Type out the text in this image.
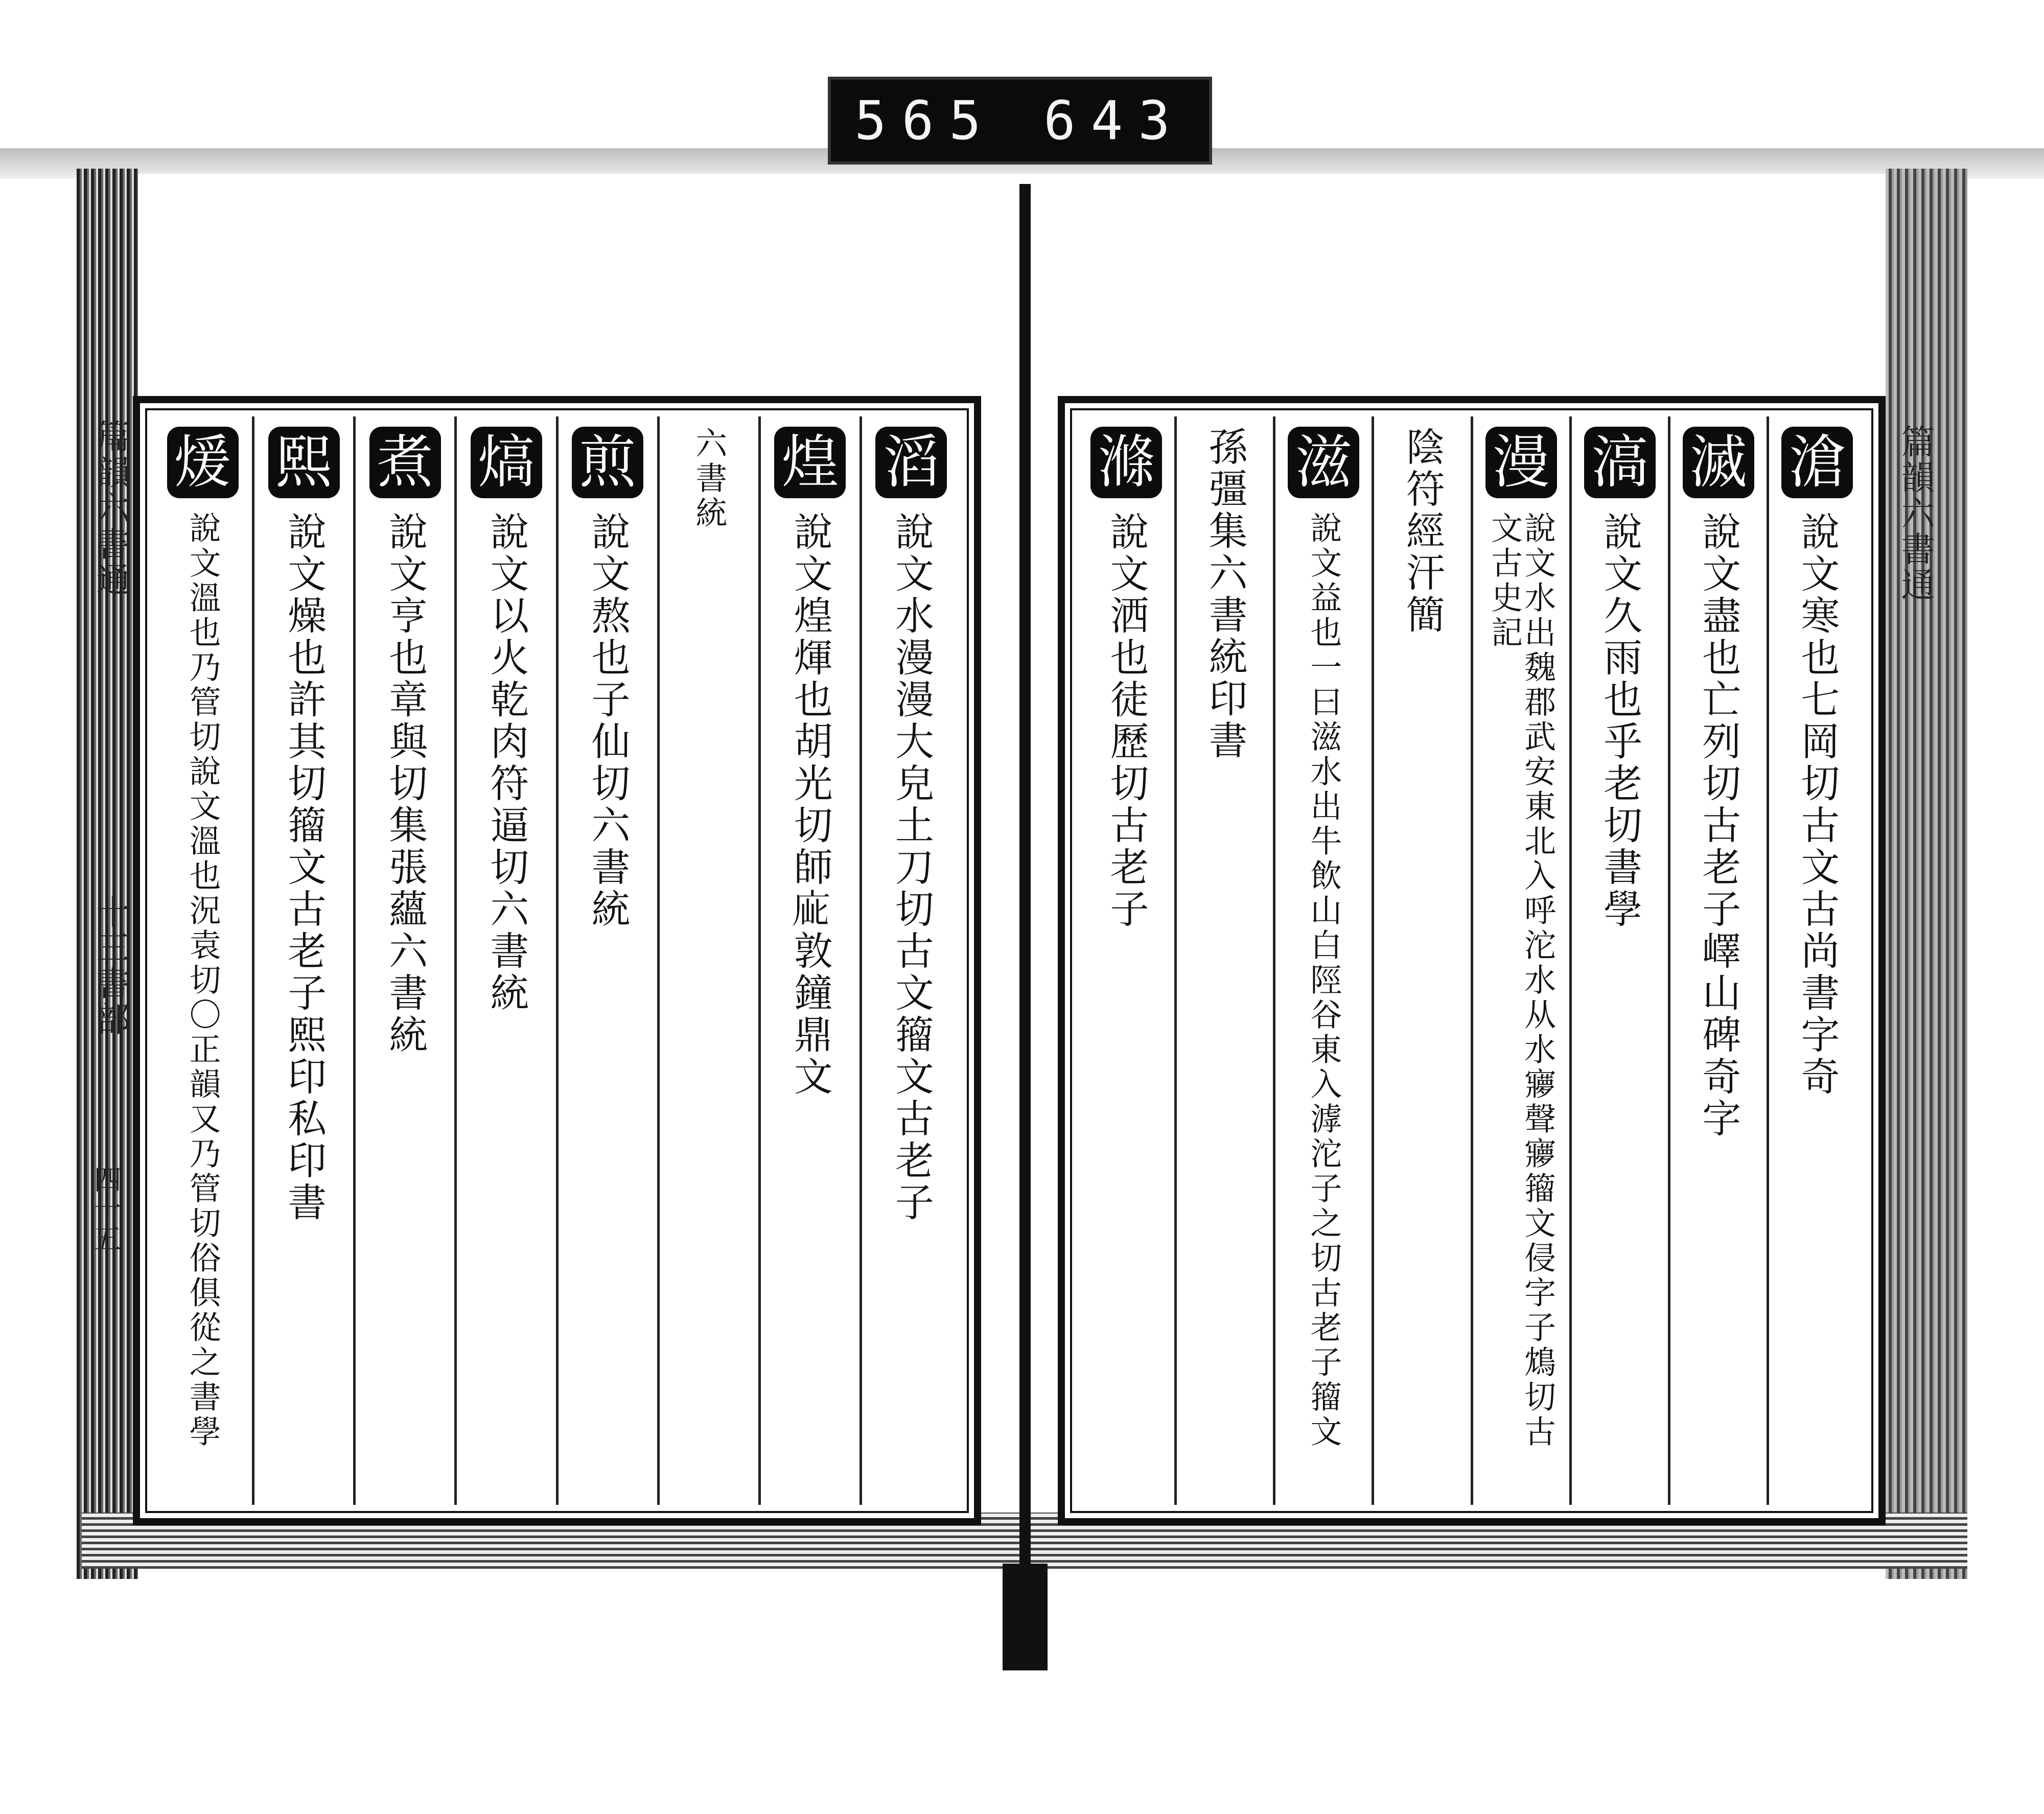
565 643
篇韻六書通
十三書部
四十五
篇韻六書通
滔
說文水漫漫大皃土刀切古文籀文古老子
煌
說文煌煇也胡光切師𢈃敦鐘鼎文
六書統
煎
說文熬也子仙切六書統
熇
說文以火乾肉符逼切六書統
煮
說文亨也章與切集張蘊六書統
熙
說文燥也許其切籀文古老子熙印私印書
煖
說文溫也乃管切說文溫也況袁切〇正韻又乃管切俗俱從之書學
滄
說文寒也七岡切古文古尚書字奇
滅
說文盡也亡列切古老子嶧山碑奇字
滈
說文久雨也乎老切書學
漫
說文水出魏郡武安東北入呼沱水从水㝱聲㝱籀文侵字子鴆切古文古史記
陰符經汗簡
滋
說文益也一曰滋水出牛飲山白陘谷東入滹沱子之切古老子籀文
孫彊集六書統印書
滌
說文洒也徒歷切古老子
